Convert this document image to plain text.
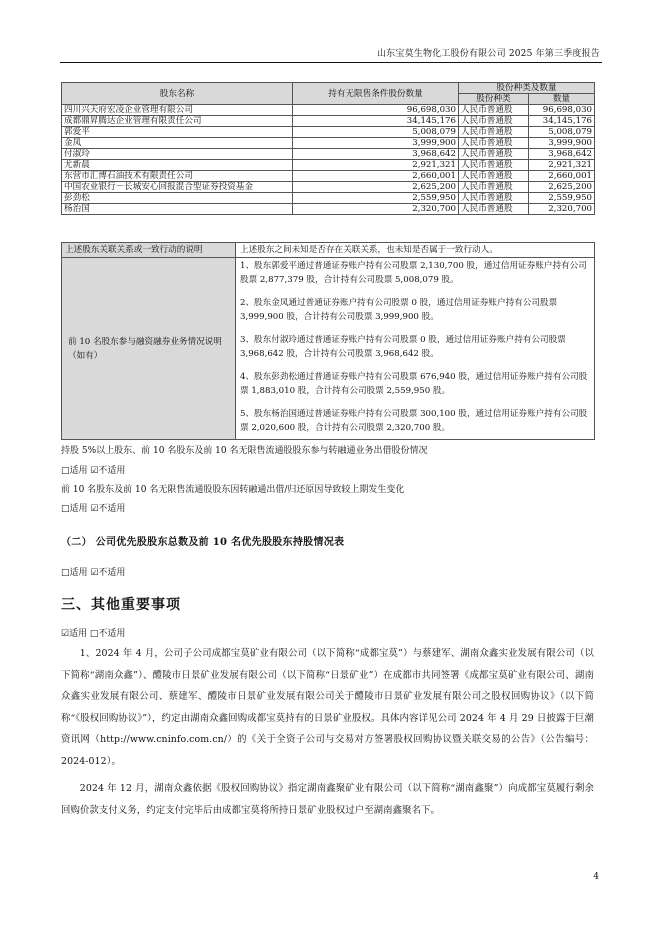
山东宝莫生物化工股份有限公司 2025 年第三季度报告
股东名称	持有无限售条件股份数量	股份种类及数量	
		股份种类	数量
四川兴天府宏凌企业管理有限公司	96,698,030	人民币普通股	96,698,030
成都鼎昇腾达企业管理有限责任公司	34,145,176	人民币普通股	34,145,176
郭爱平	5,008,079	人民币普通股	5,008,079
金凤	3,999,900	人民币普通股	3,999,900
付淑玲	3,968,642	人民币普通股	3,968,642
尤新晨	2,921,321	人民币普通股	2,921,321
东营市汇博石油技术有限责任公司	2,660,001	人民币普通股	2,660,001
中国农业银行－长城安心回报混合型证券投资基金	2,625,200	人民币普通股	2,625,200
彭劲松	2,559,950	人民币普通股	2,559,950
杨治国	2,320,700	人民币普通股	2,320,700
上述股东关联关系或一致行动的说明	上述股东之间未知是否存在关联关系，也未知是否属于一致行动人。
前 10 名股东参与融资融券业务情况说明（如有）	1、股东郭爱平通过普通证券账户持有公司股票 2,130,700 股，通过信用证券账户持有公司股票 2,877,379 股，合计持有公司股票 5,008,079 股。

2、股东金凤通过普通证券账户持有公司股票 0 股，通过信用证券账户持有公司股票 3,999,900 股，合计持有公司股票 3,999,900 股。

3、股东付淑玲通过普通证券账户持有公司股票 0 股，通过信用证券账户持有公司股票 3,968,642 股，合计持有公司股票 3,968,642 股。

4、股东彭劲松通过普通证券账户持有公司股票 676,940 股，通过信用证券账户持有公司股票 1,883,010 股，合计持有公司股票 2,559,950 股。

5、股东杨治国通过普通证券账户持有公司股票 300,100 股，通过信用证券账户持有公司股票 2,020,600 股，合计持有公司股票 2,320,700 股。

持股 5%以上股东、前 10 名股东及前 10 名无限售流通股股东参与转融通业务出借股份情况
□适用 ☑不适用
前 10 名股东及前 10 名无限售流通股股东因转融通出借/归还原因导致较上期发生变化
□适用 ☑不适用
（二） 公司优先股股东总数及前 10 名优先股股东持股情况表
□适用 ☑不适用
三、其他重要事项
☑适用 □不适用

1、2024 年 4 月，公司子公司成都宝莫矿业有限公司（以下简称“成都宝莫”）与蔡建军、湖南众鑫实业发展有限公司（以下简称“湖南众鑫”）、醴陵市日景矿业发展有限公司（以下简称“日景矿业”）在成都市共同签署《成都宝莫矿业有限公司、湖南众鑫实业发展有限公司、蔡建军、醴陵市日景矿业发展有限公司关于醴陵市日景矿业发展有限公司之股权回购协议》（以下简称“《股权回购协议》”），约定由湖南众鑫回购成都宝莫持有的日景矿业股权。具体内容详见公司 2024 年 4 月 29 日披露于巨潮资讯网（http://www.cninfo.com.cn/）的《关于全资子公司与交易对方签署股权回购协议暨关联交易的公告》（公告编号：2024-012）。

2024 年 12 月，湖南众鑫依据《股权回购协议》指定湖南鑫聚矿业有限公司（以下简称“湖南鑫聚”）向成都宝莫履行剩余回购价款支付义务，约定支付完毕后由成都宝莫将所持日景矿业股权过户至湖南鑫聚名下。

4
